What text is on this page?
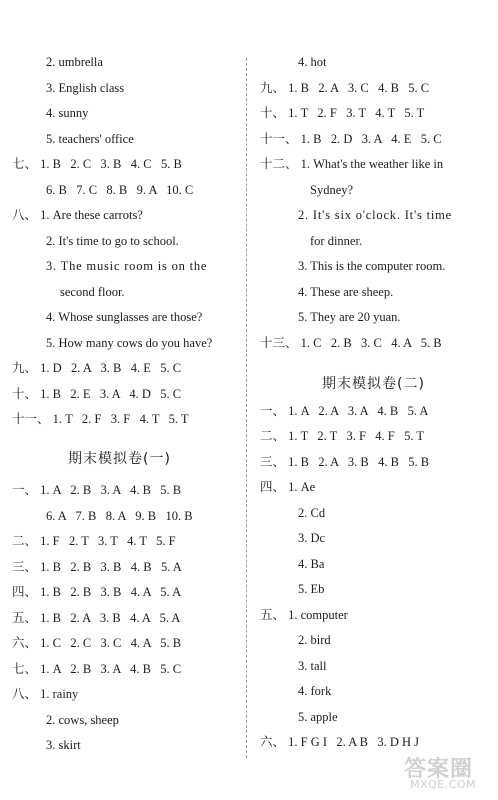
2. umbrella
3. English class
4. sunny
5. teachers' office
七、 1. B   2. C   3. B   4. C   5. B
6. B   7. C   8. B   9. A   10. C
八、 1. Are these carrots?
2. It's time to go to school.
3. The music room is on the
second floor.
4. Whose sunglasses are those?
5. How many cows do you have?
九、 1. D   2. A   3. B   4. E   5. C
十、 1. B   2. E   3. A   4. D   5. C
十一、 1. T   2. F   3. F   4. T   5. T
期末模拟卷(一)
一、 1. A   2. B   3. A   4. B   5. B
6. A   7. B   8. A   9. B   10. B
二、 1. F   2. T   3. T   4. T   5. F
三、 1. B   2. B   3. B   4. B   5. A
四、 1. B   2. B   3. B   4. A   5. A
五、 1. B   2. A   3. B   4. A   5. A
六、 1. C   2. C   3. C   4. A   5. B
七、 1. A   2. B   3. A   4. B   5. C
八、 1. rainy
2. cows, sheep
3. skirt
4. hot
九、 1. B   2. A   3. C   4. B   5. C
十、 1. T   2. F   3. T   4. T   5. T
十一、 1. B   2. D   3. A   4. E   5. C
十二、 1. What's the weather like in
Sydney?
2. It's six o'clock. It's time
for dinner.
3. This is the computer room.
4. These are sheep.
5. They are 20 yuan.
十三、 1. C   2. B   3. C   4. A   5. B
期末模拟卷(二)
一、 1. A   2. A   3. A   4. B   5. A
二、 1. T   2. T   3. F   4. F   5. T
三、 1. B   2. A   3. B   4. B   5. B
四、 1. Ae
2. Cd
3. Dc
4. Ba
5. Eb
五、 1. computer
2. bird
3. tall
4. fork
5. apple
六、 1. F G I   2. A B   3. D H J
答案圈
MXQE.COM
